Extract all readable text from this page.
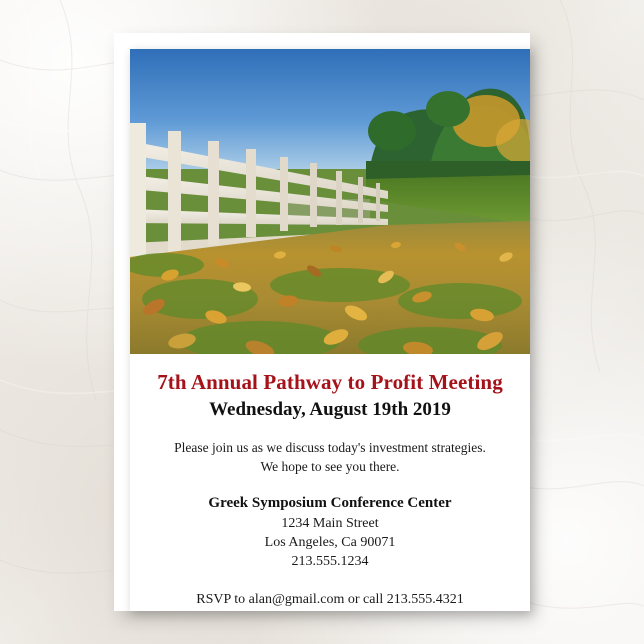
7th Annual Pathway to Profit Meeting
Wednesday, August 19th 2019
Please join us as we discuss today's investment strategies.
We hope to see you there.
Greek Symposium Conference Center
1234 Main Street
Los Angeles, Ca 90071
213.555.1234
RSVP to alan@gmail.com or call 213.555.4321
